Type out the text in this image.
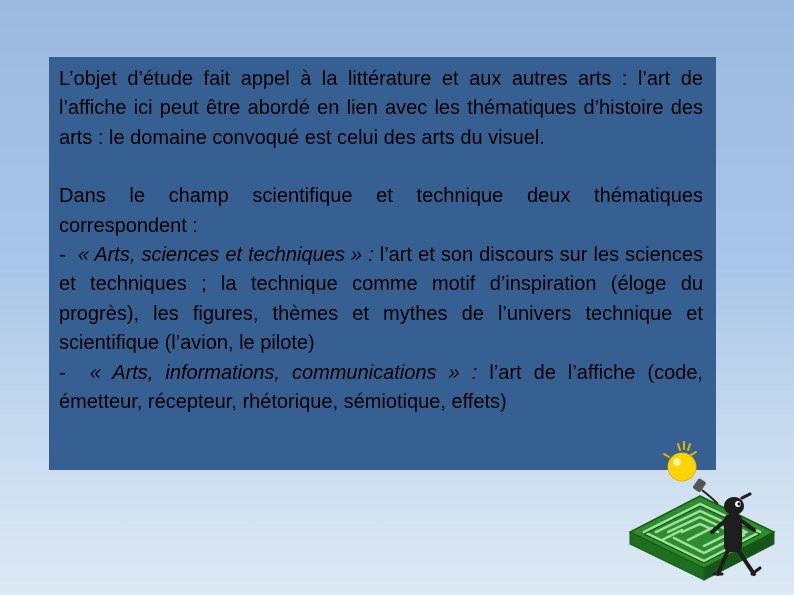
L’objet d’étude fait appel à la littérature et aux autres arts : l’art de l’affiche ici peut être abordé en lien avec les thématiques d’histoire des arts : le domaine convoqué est celui des arts du visuel.

Dans le champ scientifique et technique deux thématiques correspondent :
- « Arts, sciences et techniques » : l’art et son discours sur les sciences et techniques ; la technique comme motif d’inspiration (éloge du progrès), les figures, thèmes et mythes de l’univers technique et scientifique (l’avion, le pilote)
- « Arts, informations, communications » : l’art de l’affiche (code, émetteur, récepteur, rhétorique, sémiotique, effets)
